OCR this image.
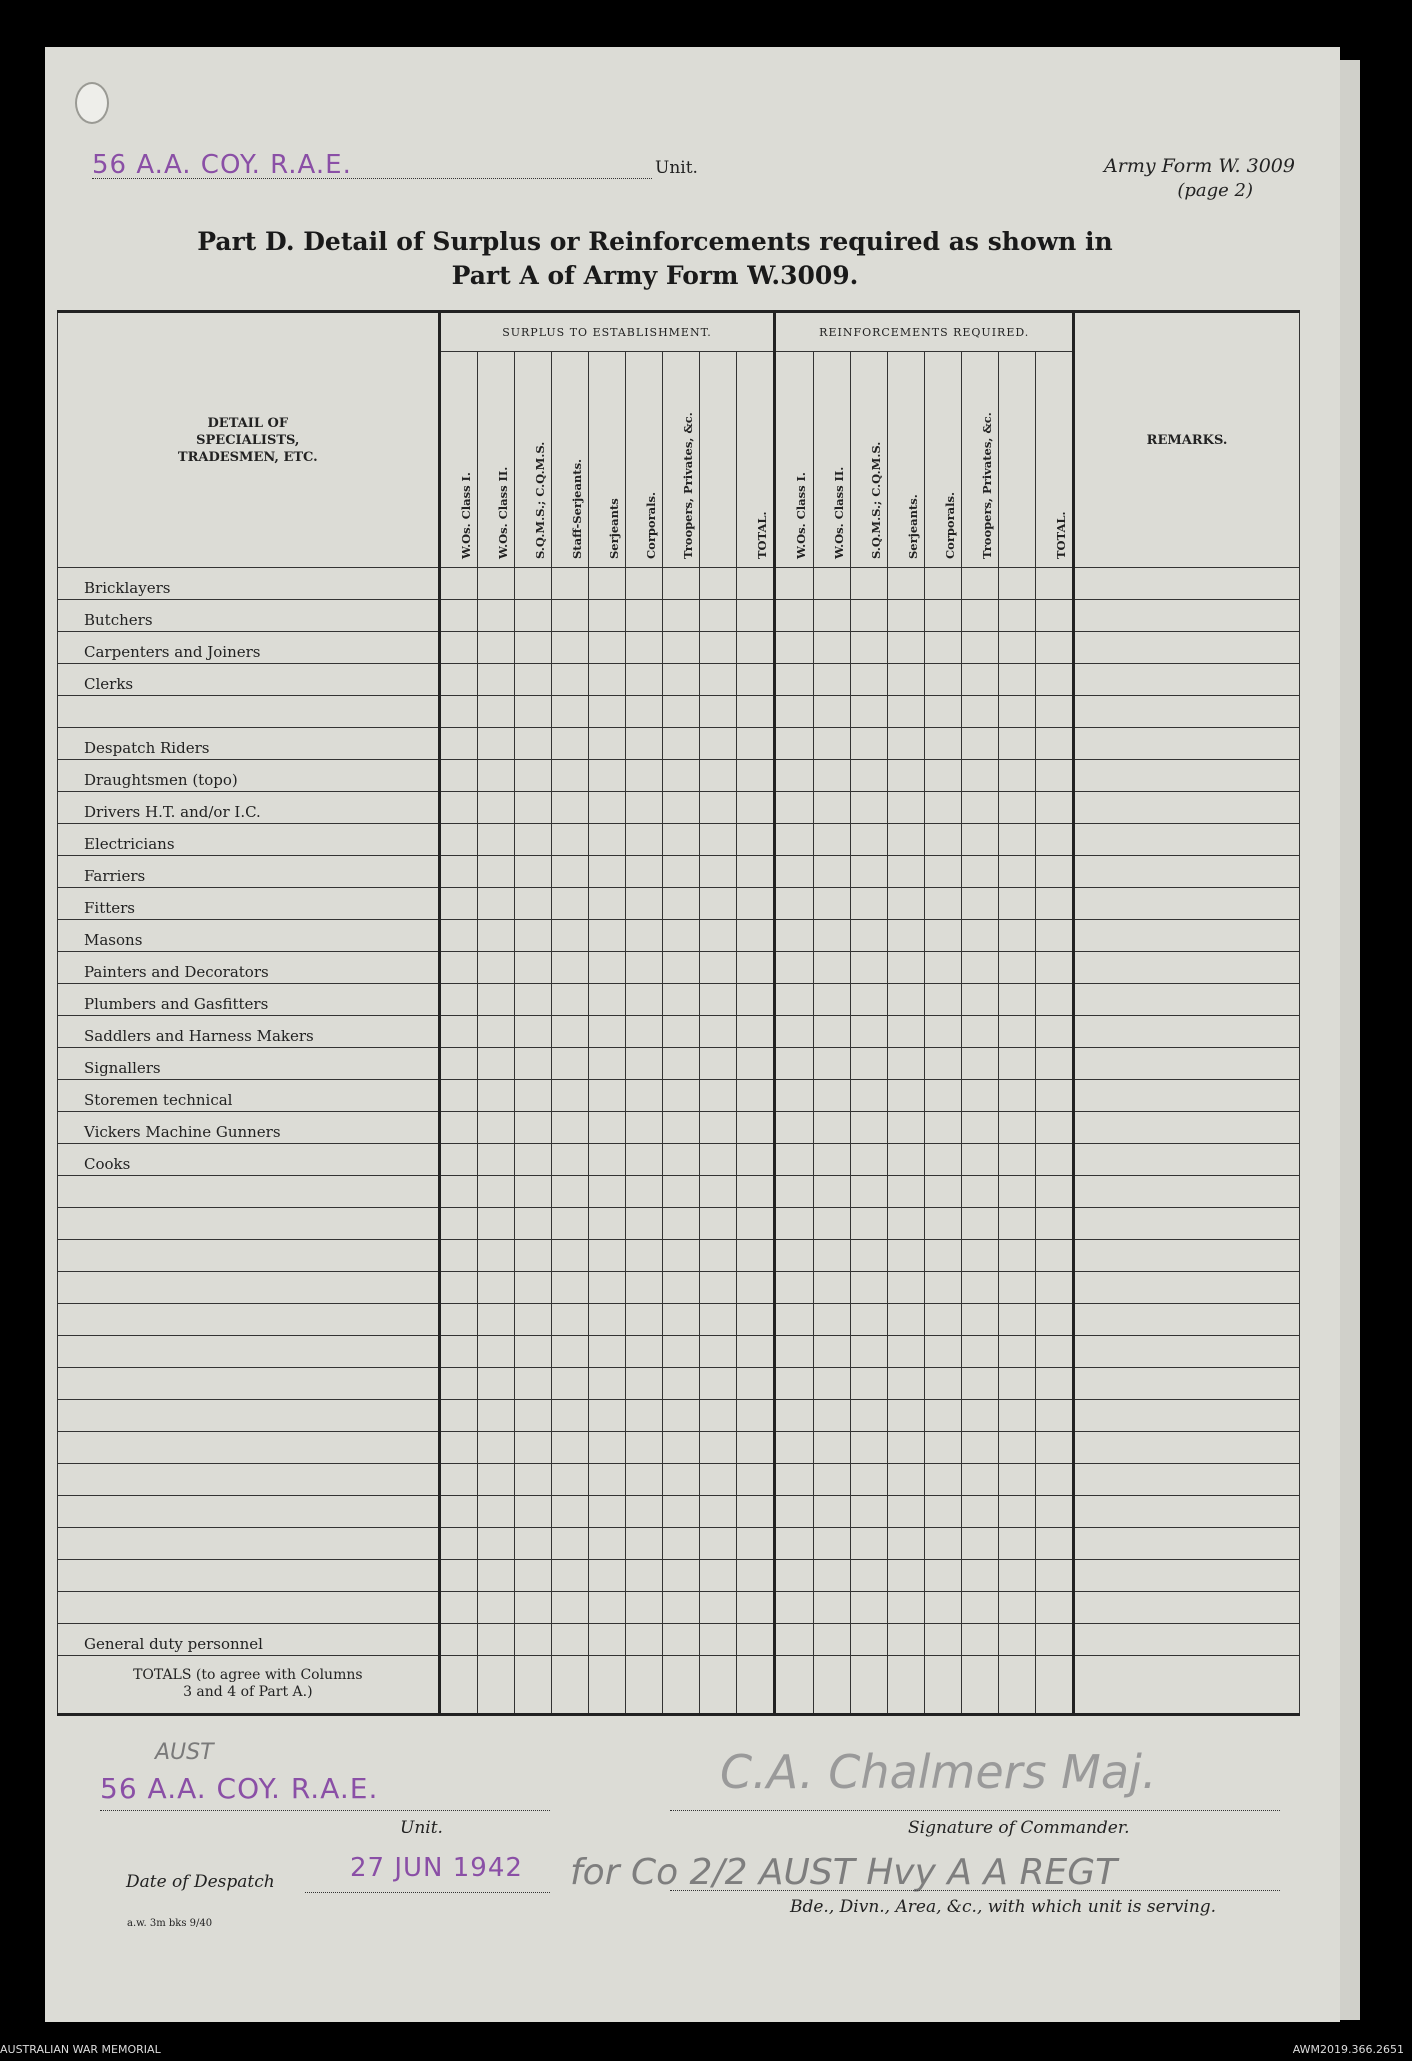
56 A.A. COY. R.A.E.	Unit.	Army Form W. 3009
(page 2)
Part D. Detail of Surplus or Reinforcements required as shown in
Part A of Army Form W.3009.
DETAIL OF SPECIALISTS, TRADESMEN, ETC.	SURPLUS TO ESTABLISHMENT.									REINFORCEMENTS REQUIRED.								REMARKS.

	W.Os. Class I.	W.Os. Class II.	S.Q.M.S.; C.Q.M.S.	Staff-Serjeants.	Serjeants	Corporals.	Troopers, Privates, &c.		TOTAL.	W.Os. Class I.	W.Os. Class II.	S.Q.M.S.; C.Q.M.S.	Serjeants.	Corporals.	Troopers, Privates, &c.		TOTAL.	

Bricklayers																		
Butchers																		
Carpenters and Joiners																		
Clerks																		

Despatch Riders																		
Draughtsmen (topo)																		
Drivers H.T. and/or I.C.																		
Electricians																		
Farriers																		
Fitters																		
Masons																		
Painters and Decorators																		
Plumbers and Gasfitters																		
Saddlers and Harness Makers																		
Signallers																		
Storemen technical																		
Vickers Machine Gunners																		
Cooks																		

General duty personnel																		

TOTALS (to agree with Columns
3 and 4 of Part A.)																		

AUST
56 A.A. COY. R.A.E.
Unit.
C.A. Chalmers Maj.
Signature of Commander.
Date of Despatch	27 JUN 1942 for Co 2/2 AUST Hvy A A REGT
Bde., Divn., Area, &c., with which unit is serving.
a.w. 3m bks 9/40
AUSTRALIAN WAR MEMORIAL	AWM2019.366.2651
